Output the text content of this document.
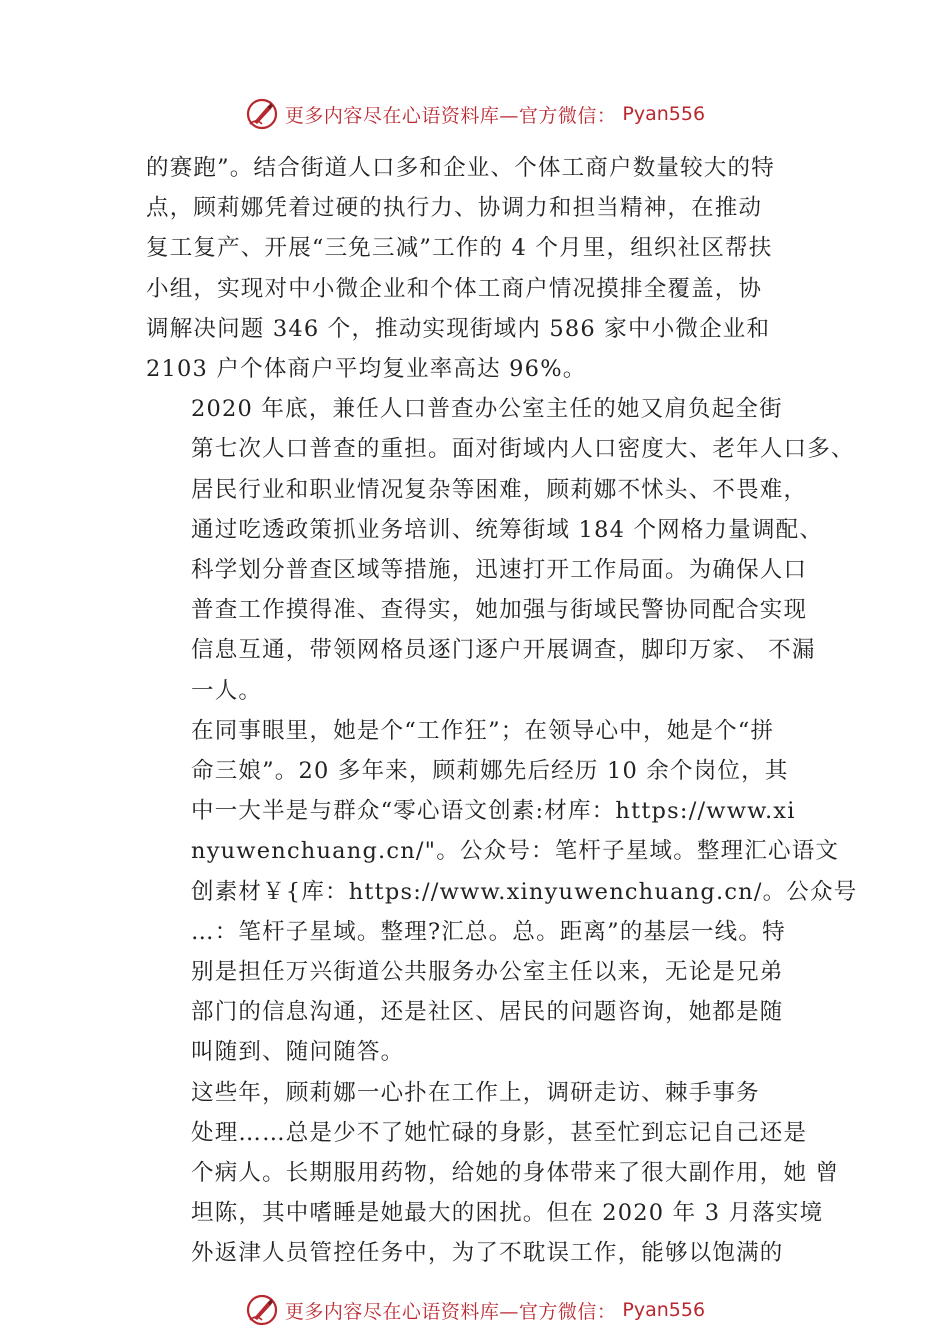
更多内容尽在心语资料库—官方微信： Pyan556

的赛跑”。结合街道人口多和企业、个体工商户数量较大的特
点，顾莉娜凭着过硬的执行力、协调力和担当精神，在推动
复工复产、开展“三免三减”工作的 4 个月里，组织社区帮扶
小组，实现对中小微企业和个体工商户情况摸排全覆盖，协
调解决问题 346 个，推动实现街域内 586 家中小微企业和
2103 户个体商户平均复业率高达 96%。

2020 年底，兼任人口普查办公室主任的她又肩负起全街
第七次人口普查的重担。面对街域内人口密度大、老年人口多、
居民行业和职业情况复杂等困难，顾莉娜不怵头、不畏难，
通过吃透政策抓业务培训、统筹街域 184 个网格力量调配、
科学划分普查区域等措施，迅速打开工作局面。为确保人口
普查工作摸得准、查得实，她加强与街域民警协同配合实现
信息互通，带领网格员逐门逐户开展调查，脚印万家、 不漏
一人。

在同事眼里，她是个“工作狂”；在领导心中，她是个“拼
命三娘”。20 多年来，顾莉娜先后经历 10 余个岗位，其
中一大半是与群众“零心语文创素:材库：https://www.xi
nyuwenchuang.cn/"。公众号：笔杆子星域。整理汇心语文
创素材￥{库：https://www.xinyuwenchuang.cn/。公众号
…：笔杆子星域。整理?汇总。总。距离”的基层一线。特
别是担任万兴街道公共服务办公室主任以来，无论是兄弟
部门的信息沟通，还是社区、居民的问题咨询，她都是随
叫随到、随问随答。

这些年，顾莉娜一心扑在工作上，调研走访、棘手事务
处理……总是少不了她忙碌的身影，甚至忙到忘记自己还是
个病人。长期服用药物，给她的身体带来了很大副作用，她 曾
坦陈，其中嗜睡是她最大的困扰。但在 2020 年 3 月落实境
外返津人员管控任务中，为了不耽误工作，能够以饱满的

更多内容尽在心语资料库—官方微信： Pyan556
